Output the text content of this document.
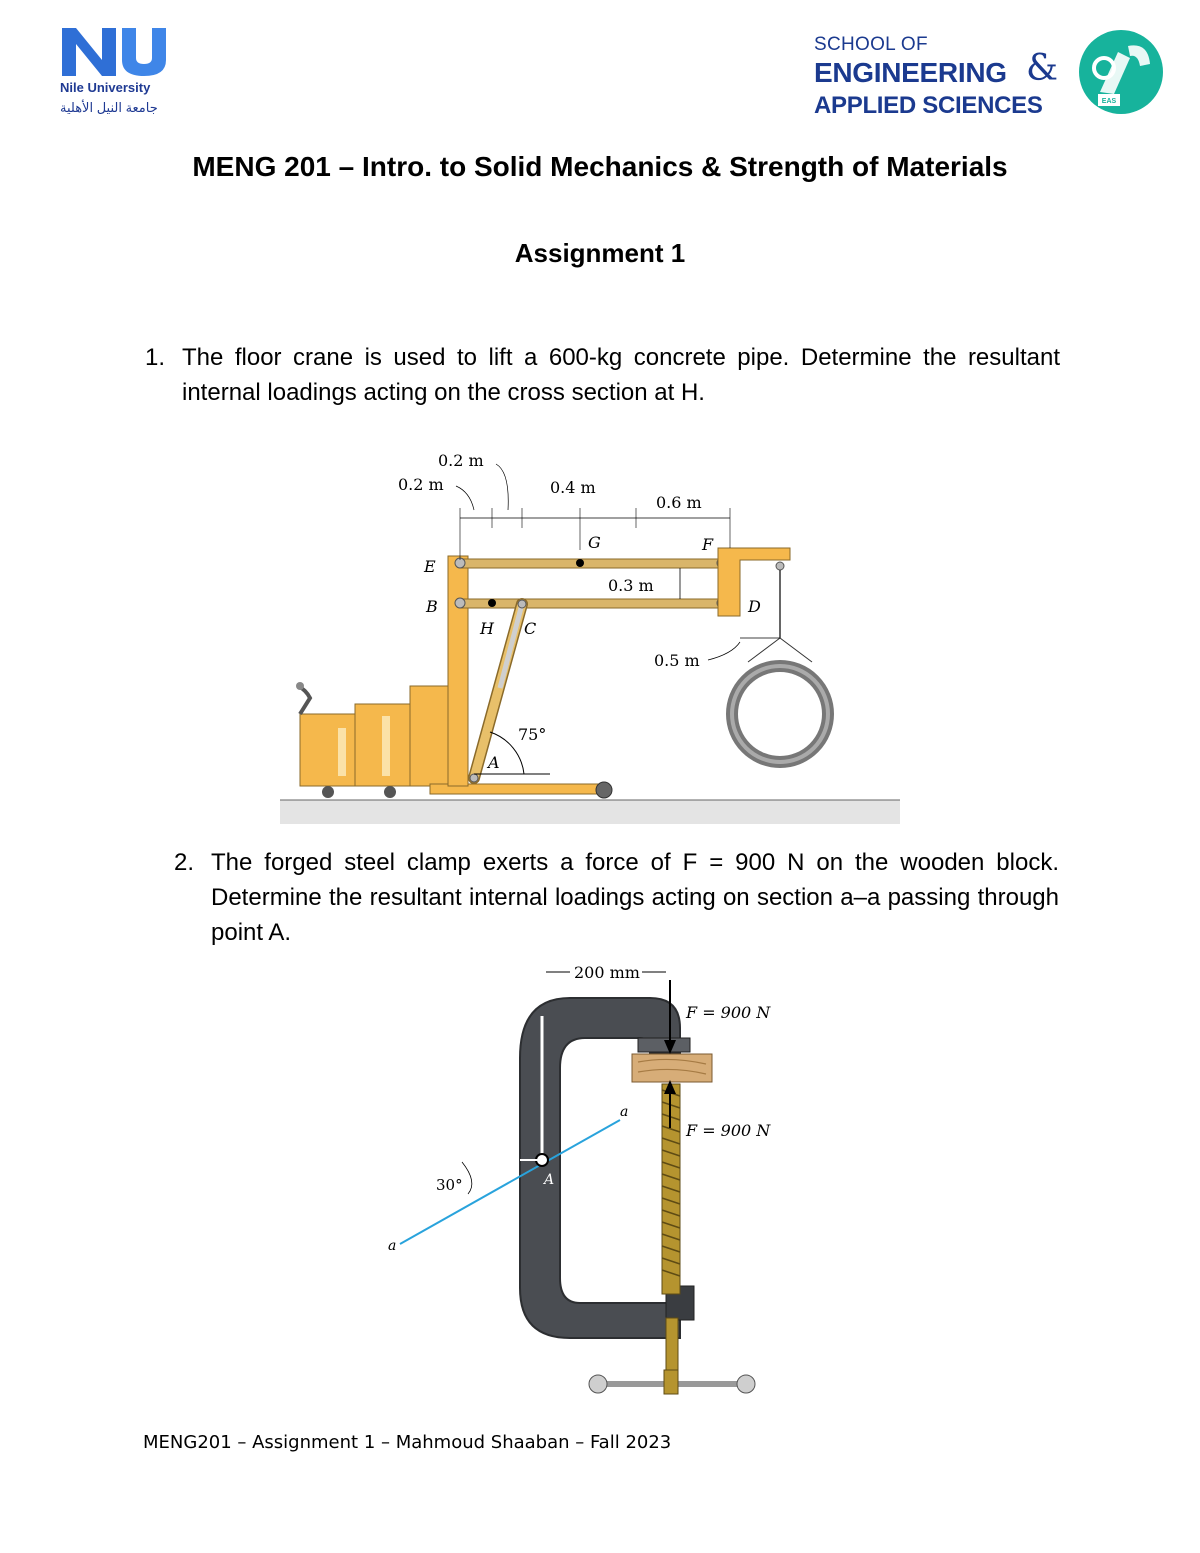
Nile University
جامعة النيل الأهلية
SCHOOL OF
ENGINEERING &
APPLIED SCIENCES	EAS
MENG 201 – Intro. to Solid Mechanics & Strength of Materials
Assignment 1
1. The floor crane is used to lift a 600-kg concrete pipe. Determine the resultant internal loadings acting on the cross section at H.
75°
0.2 m
0.2 m	0.4 m
0.6 m
0.3 m
0.5 m
E
B
G	F
D
H C
A
2. The forged steel clamp exerts a force of F = 900 N on the wooden block. Determine the resultant internal loadings acting on section a–a passing through point A.
F = 900 N
F = 900 N
200 mm
a
a
A
30°
MENG201 – Assignment 1 – Mahmoud Shaaban – Fall 2023
